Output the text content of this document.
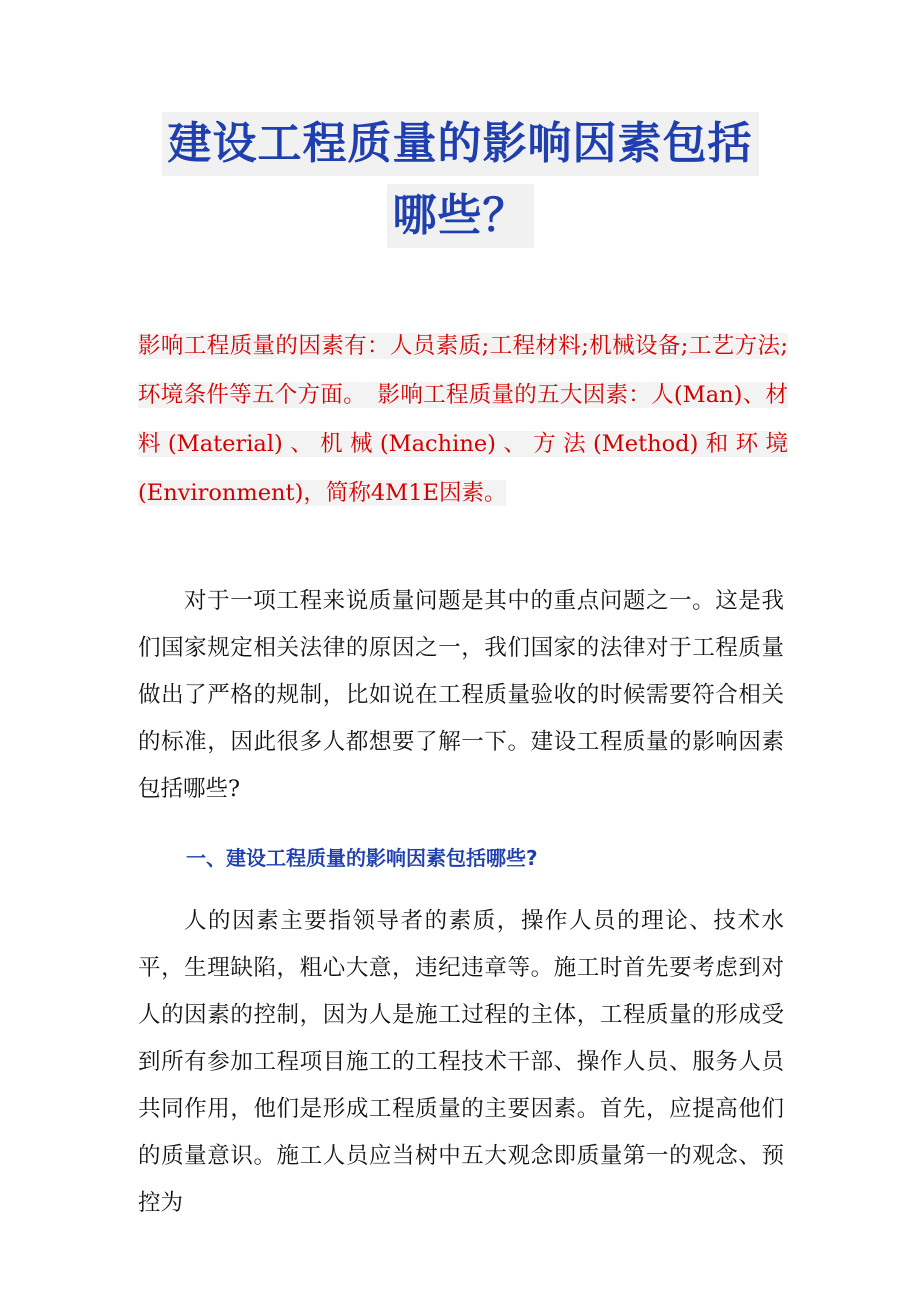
建设工程质量的影响因素包括
哪些？
影响工程质量的因素有：人员素质;工程材料;机械设备;工艺方法;环境条件等五个方面。　影响工程质量的五大因素：人(Man)、材料(Material)、机械(Machine)、方法(Method)和环境(Environment)，简称4M1E因素。
对于一项工程来说质量问题是其中的重点问题之一。这是我们国家规定相关法律的原因之一，我们国家的法律对于工程质量做出了严格的规制，比如说在工程质量验收的时候需要符合相关的标准，因此很多人都想要了解一下。建设工程质量的影响因素包括哪些?
一、建设工程质量的影响因素包括哪些?
人的因素主要指领导者的素质，操作人员的理论、技术水平，生理缺陷，粗心大意，违纪违章等。施工时首先要考虑到对人的因素的控制，因为人是施工过程的主体，工程质量的形成受到所有参加工程项目施工的工程技术干部、操作人员、服务人员共同作用，他们是形成工程质量的主要因素。首先，应提高他们的质量意识。施工人员应当树中五大观念即质量第一的观念、预控为
